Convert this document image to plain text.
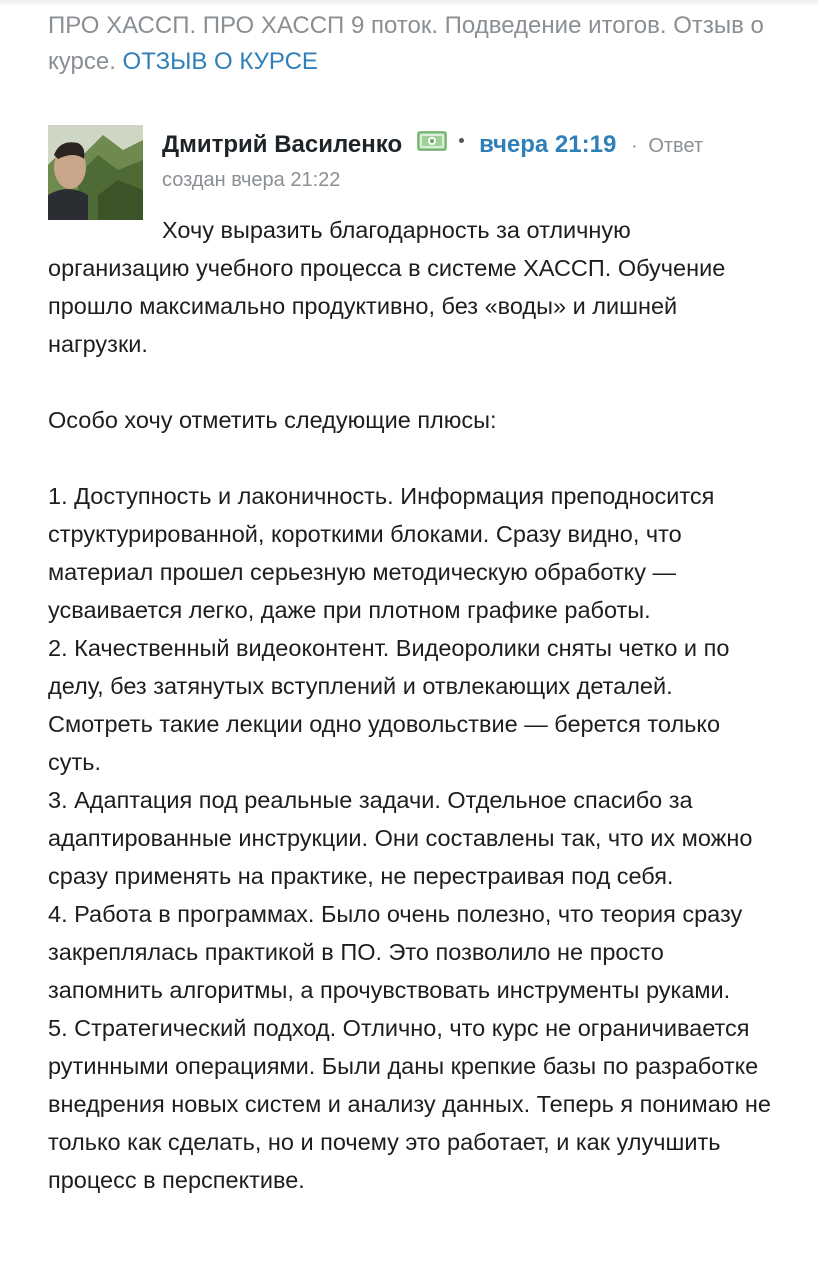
ПРО ХАССП. ПРО ХАССП 9 поток. Подведение итогов. Отзыв о курсе. ОТЗЫВ О КУРСЕ
Дмитрий Василенко	вчера 21:19 · Ответ
создан вчера 21:22

Хочу выразить благодарность за отличную организацию учебного процесса в системе ХАССП. Обучение прошло максимально продуктивно, без «воды» и лишней нагрузки.

Особо хочу отметить следующие плюсы:

1. Доступность и лаконичность. Информация преподносится структурированной, короткими блоками. Сразу видно, что материал прошел серьезную методическую обработку — усваивается легко, даже при плотном графике работы.

2. Качественный видеоконтент. Видеоролики сняты четко и по делу, без затянутых вступлений и отвлекающих деталей. Смотреть такие лекции одно удовольствие — берется только суть.

3. Адаптация под реальные задачи. Отдельное спасибо за адаптированные инструкции. Они составлены так, что их можно сразу применять на практике, не перестраивая под себя.

4. Работа в программах. Было очень полезно, что теория сразу закреплялась практикой в ПО. Это позволило не просто запомнить алгоритмы, а прочувствовать инструменты руками.

5. Стратегический подход. Отлично, что курс не ограничивается рутинными операциями. Были даны крепкие базы по разработке внедрения новых систем и анализу данных. Теперь я понимаю не только как сделать, но и почему это работает, и как улучшить процесс в перспективе.
